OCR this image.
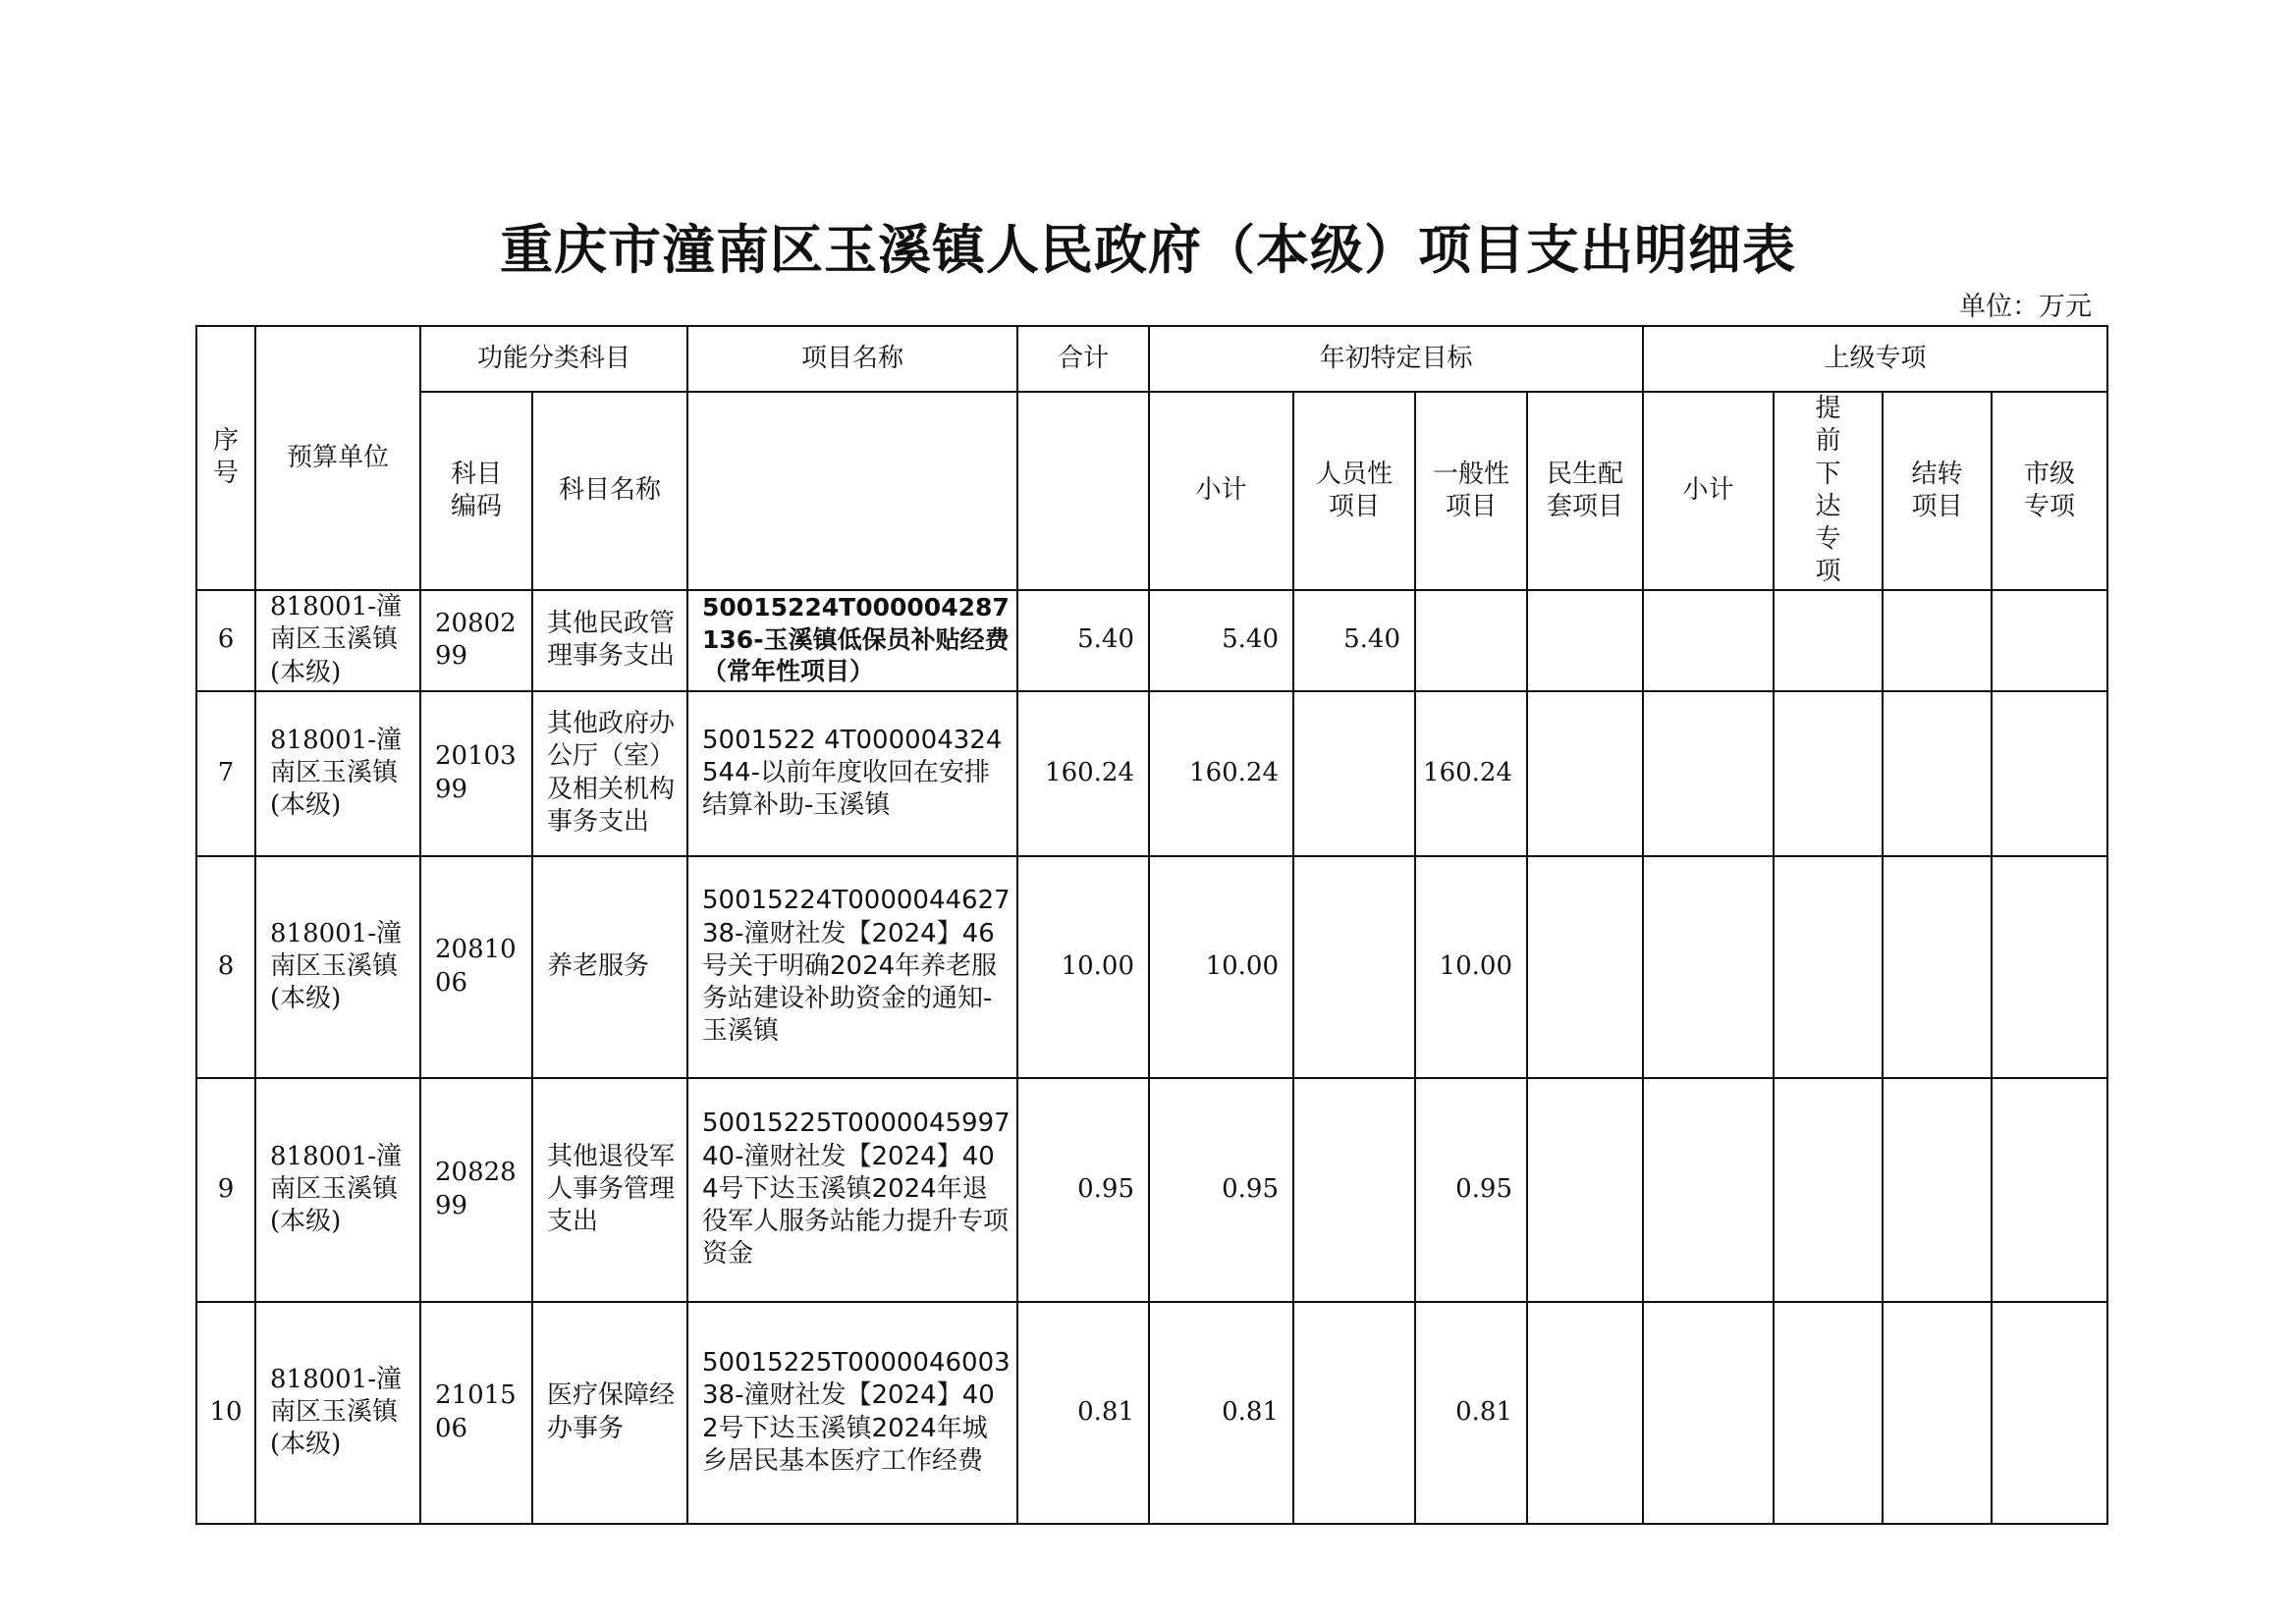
重庆市潼南区玉溪镇人民政府（本级）项目支出明细表
单位：万元
序号	预算单位	功能分类科目		项目名称	合计	年初特定目标				上级专项			
		科目编码	科目名称			小计	人员性项目	一般性项目	民生配套项目	小计	提前下达专项	结转项目	市级专项
6	818001-潼南区玉溪镇(本级)	2080299	其他民政管理事务支出	50015224T000004287136-玉溪镇低保员补贴经费（常年性项目）	5.40	5.40	5.40						
7	818001-潼南区玉溪镇(本级)	2010399	其他政府办公厅（室）及相关机构事务支出	5001522 4T000004324544-以前年度收回在安排结算补助-玉溪镇	160.24	160.24		160.24					
8	818001-潼南区玉溪镇(本级)	2081006	养老服务	50015224T000004462738-潼财社发【2024】46号关于明确2024年养老服务站建设补助资金的通知-玉溪镇	10.00	10.00		10.00					
9	818001-潼南区玉溪镇(本级)	2082899	其他退役军人事务管理支出	50015225T000004599740-潼财社发【2024】404号下达玉溪镇2024年退役军人服务站能力提升专项资金	0.95	0.95		0.95					
10	818001-潼南区玉溪镇(本级)	2101506	医疗保障经办事务	50015225T000004600338-潼财社发【2024】402号下达玉溪镇2024年城乡居民基本医疗工作经费	0.81	0.81		0.81					
